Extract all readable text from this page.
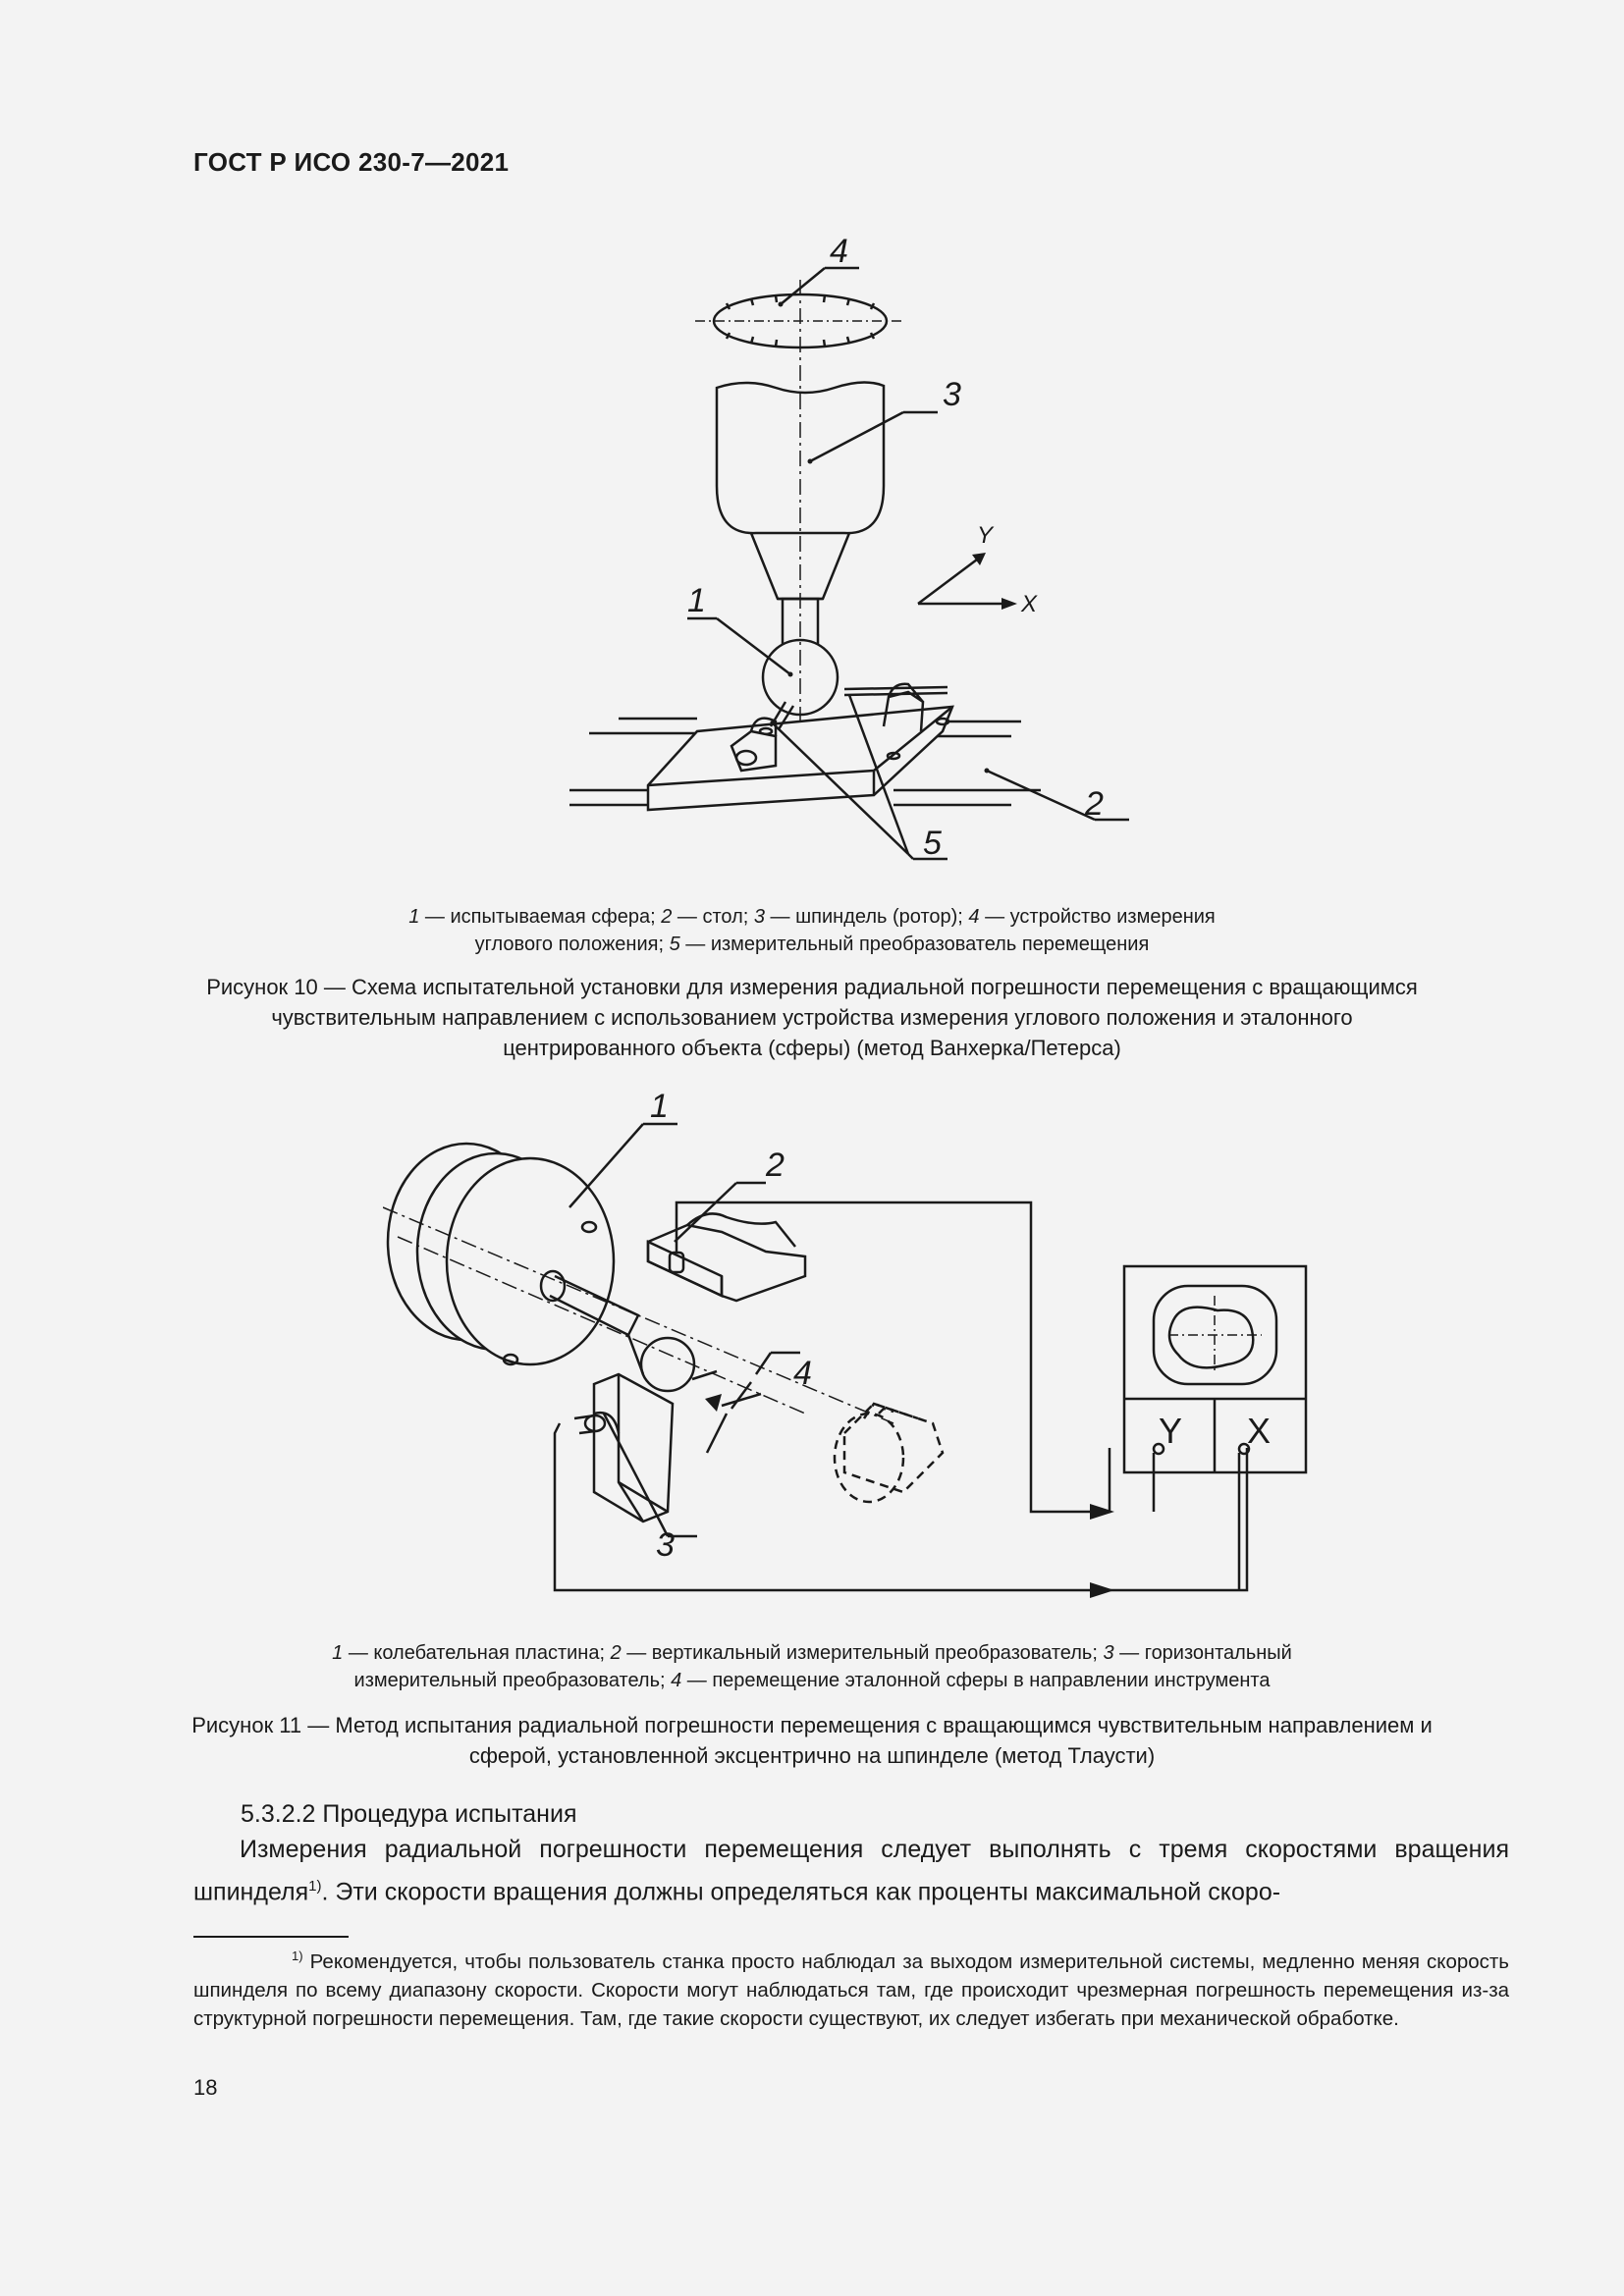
ГОСТ Р ИСО 230-7—2021
4
3
1
2
5
Y
X
1 — испытываемая сфера; 2 — стол; 3 — шпиндель (ротор); 4 — устройство измерения
углового положения; 5 — измерительный преобразователь перемещения
Рисунок 10 — Схема испытательной установки для измерения радиальной погрешности перемещения с вращающимся чувствительным направлением с использованием устройства измерения углового положения и эталонного центрированного объекта (сферы) (метод Ванхерка/Петерса)
1
2
3
4
Y X
1 — колебательная пластина; 2 — вертикальный измерительный преобразователь; 3 — горизонтальный
измерительный преобразователь; 4 — перемещение эталонной сферы в направлении инструмента
Рисунок 11 — Метод испытания радиальной погрешности перемещения с вращающимся чувствительным направлением и сферой, установленной эксцентрично на шпинделе (метод Тлаусти)
5.3.2.2 Процедура испытания
Измерения радиальной погрешности перемещения следует выполнять с тремя скоростями вращения шпинделя$^{1)}$. Эти скорости вращения должны определяться как проценты максимальной скоро-
$^{1)}$ Рекомендуется, чтобы пользователь станка просто наблюдал за выходом измерительной системы, медленно меняя скорость шпинделя по всему диапазону скорости. Скорости могут наблюдаться там, где происходит чрезмерная погрешность перемещения из-за структурной погрешности перемещения. Там, где такие скорости существуют, их следует избегать при механической обработке.
18
